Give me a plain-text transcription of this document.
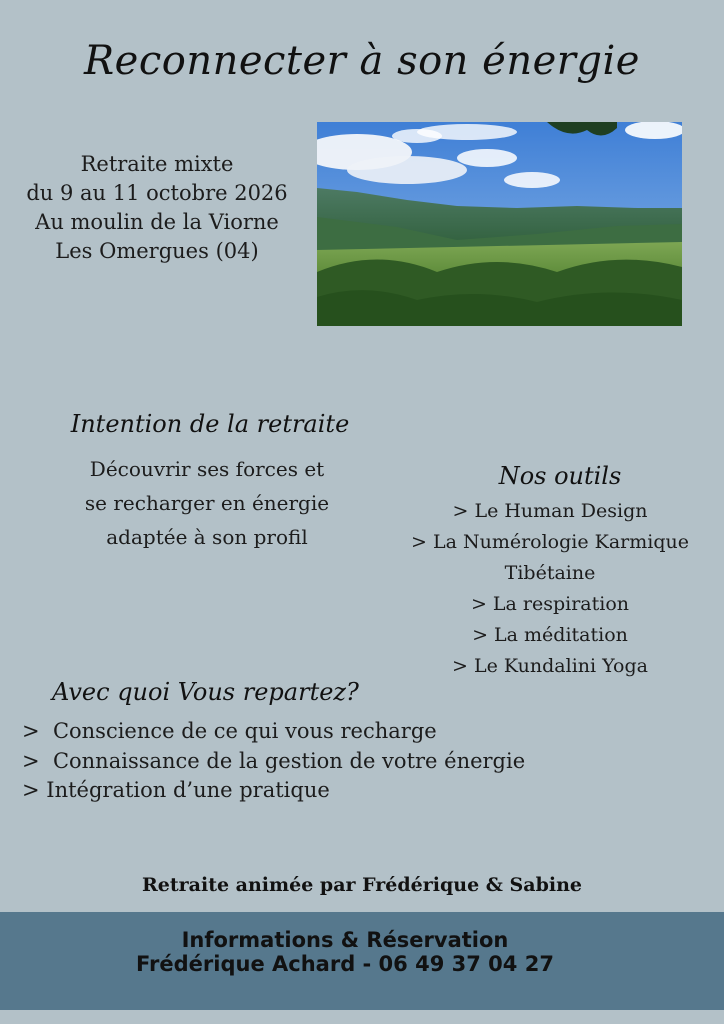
Reconnecter à son énergie
Retraite mixte
du 9 au 11 octobre 2026
Au moulin de la Viorne
Les Omergues (04)
Intention de la retraite
Découvrir ses forces et
se recharger en énergie
adaptée à son profil
Nos outils
> Le Human Design
> La Numérologie Karmique
Tibétaine
> La respiration
> La méditation
> Le Kundalini Yoga
Avec quoi Vous repartez?
>  Conscience de ce qui vous recharge
>  Connaissance de la gestion de votre énergie
> Intégration d’une pratique
Retraite animée par Frédérique & Sabine
Informations & Réservation
Frédérique Achard - 06 49 37 04 27
